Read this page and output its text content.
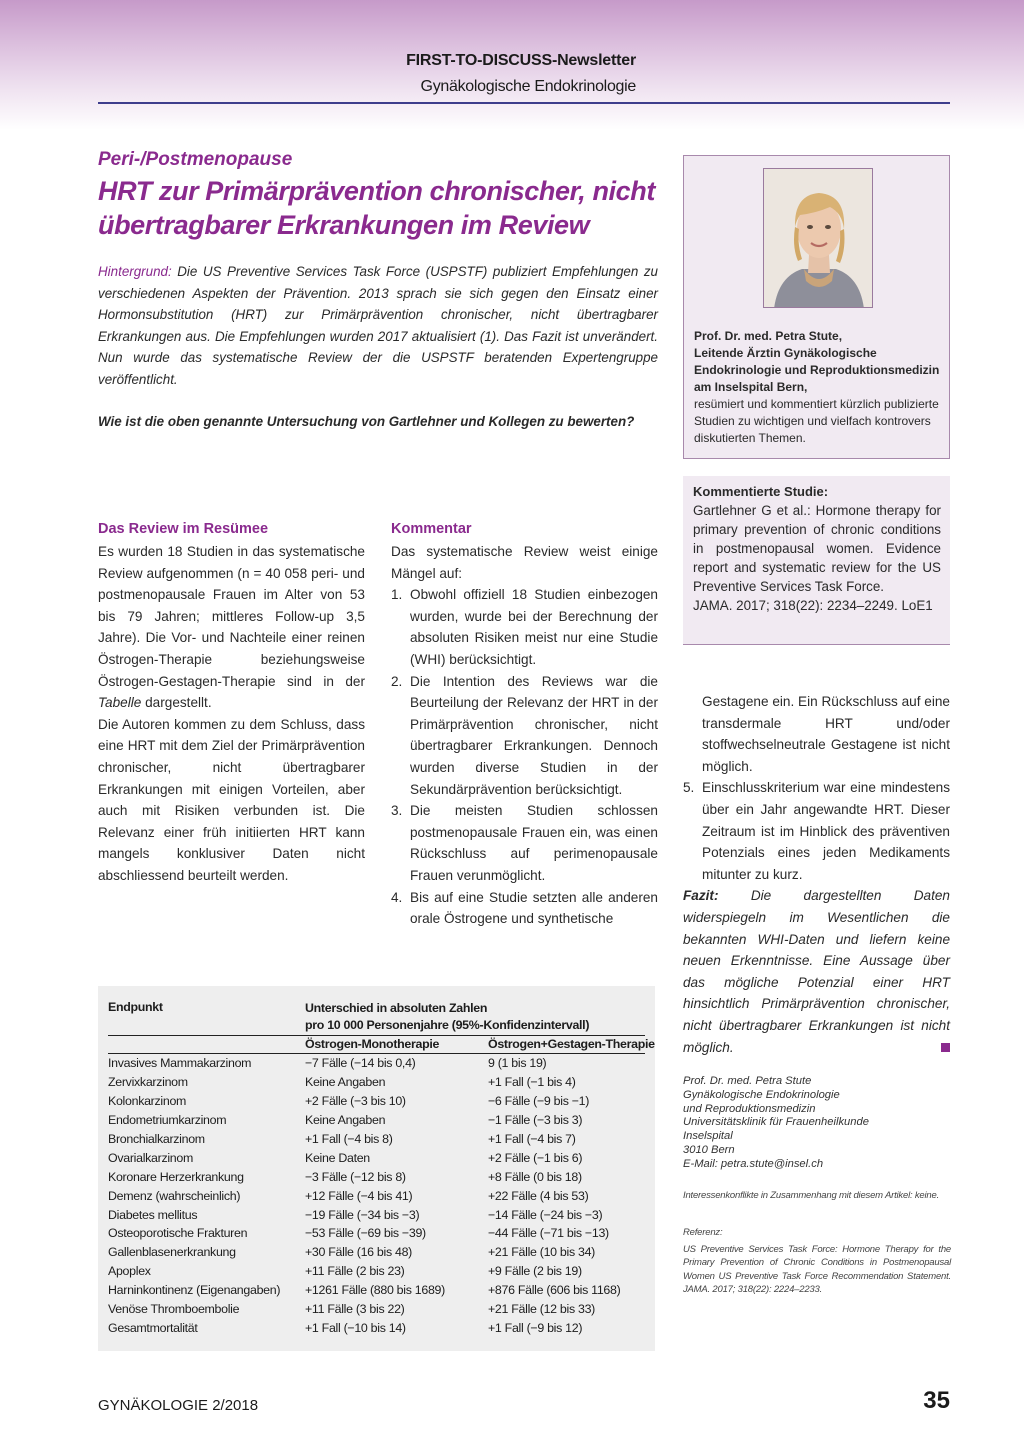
FIRST-TO-DISCUSS-Newsletter
Gynäkologische Endokrinologie
Peri-/Postmenopause
HRT zur Primärprävention chronischer, nicht
übertragbarer Erkrankungen im Review
Hintergrund: Die US Preventive Services Task Force (USPSTF) publiziert Empfehlungen zu verschiedenen Aspekten der Prävention. 2013 sprach sie sich gegen den Einsatz einer Hormonsubstitution (HRT) zur Primärprävention chronischer, nicht übertragbarer Erkrankungen aus. Die Empfehlungen wurden 2017 aktualisiert (1). Das Fazit ist unverändert. Nun wurde das systematische Review der die USPSTF beratenden Expertengruppe veröffentlicht.
Wie ist die oben genannte Untersuchung von Gartlehner und Kollegen zu bewerten?
Prof. Dr. med. Petra Stute,
Leitende Ärztin Gynäkologische Endokrinologie und Reproduktionsmedizin am Inselspital Bern,
resümiert und kommentiert kürzlich publizierte Studien zu wichtigen und vielfach kontrovers diskutierten Themen.
Kommentierte Studie:
Gartlehner G et al.: Hormone therapy for primary prevention of chronic conditions in postmenopausal women. Evidence report and systematic review for the US Preventive Services Task Force.
JAMA. 2017; 318(22): 2234–2249. LoE1
Das Review im Resümee

Es wurden 18 Studien in das systematische Review aufgenommen (n = 40 058 peri- und postmenopausale Frauen im Alter von 53 bis 79 Jahren; mittleres Follow-up 3,5 Jahre). Die Vor- und Nachteile einer reinen Östrogen-Therapie beziehungsweise Östrogen-Gestagen-Therapie sind in der Tabelle dargestellt.

Die Autoren kommen zu dem Schluss, dass eine HRT mit dem Ziel der Primärprävention chronischer, nicht übertragbarer Erkrankungen mit einigen Vorteilen, aber auch mit Risiken verbunden ist. Die Relevanz einer früh initiierten HRT kann mangels konklusiver Daten nicht abschliessend beurteilt werden.

Kommentar

Das systematische Review weist einige Mängel auf:

1. Obwohl offiziell 18 Studien einbezogen wurden, wurde bei der Berechnung der absoluten Risiken meist nur eine Studie (WHI) berücksichtigt.
2. Die Intention des Reviews war die Beurteilung der Relevanz der HRT in der Primärprävention chronischer, nicht übertragbarer Erkrankungen. Dennoch wurden diverse Studien in der Sekundärprävention berücksichtigt.
3. Die meisten Studien schlossen postmenopausale Frauen ein, was einen Rückschluss auf perimenopausale Frauen verunmöglicht.
4. Bis auf eine Studie setzten alle anderen orale Östrogene und synthetische
Gestagene ein. Ein Rückschluss auf eine transdermale HRT und/oder stoffwechselneutrale Gestagene ist nicht möglich.
5. Einschlusskriterium war eine mindestens über ein Jahr angewandte HRT. Dieser Zeitraum ist im Hinblick des präventiven Potenzials eines jeden Medikaments mitunter zu kurz.

Fazit: Die dargestellten Daten widerspiegeln im Wesentlichen die bekannten WHI-Daten und liefern keine neuen Erkenntnisse. Eine Aussage über das mögliche Potenzial einer HRT hinsichtlich Primärprävention chronischer, nicht übertragbarer Erkrankungen ist nicht möglich.

Prof. Dr. med. Petra Stute
Gynäkologische Endokrinologie
und Reproduktionsmedizin
Universitätsklinik für Frauenheilkunde
Inselspital
3010 Bern
E-Mail: petra.stute@insel.ch
Interessenkonflikte in Zusammenhang mit diesem Artikel: keine.
Referenz:
US Preventive Services Task Force: Hormone Therapy for the Primary Prevention of Chronic Conditions in Postmenopausal Women US Preventive Task Force Recommendation Statement. JAMA. 2017; 318(22): 2224–2233.
Endpunkt	Unterschied in absoluten Zahlen
pro 10 000 Personenjahre (95%-Konfidenzintervall)
Östrogen-Monotherapie	Östrogen+Gestagen-Therapie
Invasives Mammakarzinom	−7 Fälle (−14 bis 0,4)	9 (1 bis 19)
Zervixkarzinom	Keine Angaben	+1 Fall (−1 bis 4)
Kolonkarzinom	+2 Fälle (−3 bis 10)	−6 Fälle (−9 bis −1)
Endometriumkarzinom	Keine Angaben	−1 Fälle (−3 bis 3)
Bronchialkarzinom	+1 Fall (−4 bis 8)	+1 Fall (−4 bis 7)
Ovarialkarzinom	Keine Daten	+2 Fälle (−1 bis 6)
Koronare Herzerkrankung	−3 Fälle (−12 bis 8)	+8 Fälle (0 bis 18)
Demenz (wahrscheinlich)	+12 Fälle (−4 bis 41)	+22 Fälle (4 bis 53)
Diabetes mellitus	−19 Fälle (−34 bis −3)	−14 Fälle (−24 bis −3)
Osteoporotische Frakturen	−53 Fälle (−69 bis −39)	−44 Fälle (−71 bis −13)
Gallenblasenerkrankung	+30 Fälle (16 bis 48)	+21 Fälle (10 bis 34)
Apoplex	+11 Fälle (2 bis 23)	+9 Fälle (2 bis 19)
Harninkontinenz (Eigenangaben) +1261 Fälle (880 bis 1689)	+876 Fälle (606 bis 1168)
Venöse Thromboembolie	+11 Fälle (3 bis 22)	+21 Fälle (12 bis 33)
Gesamtmortalität	+1 Fall (−10 bis 14)	+1 Fall (−9 bis 12)
GYNÄKOLOGIE 2/2018	35
